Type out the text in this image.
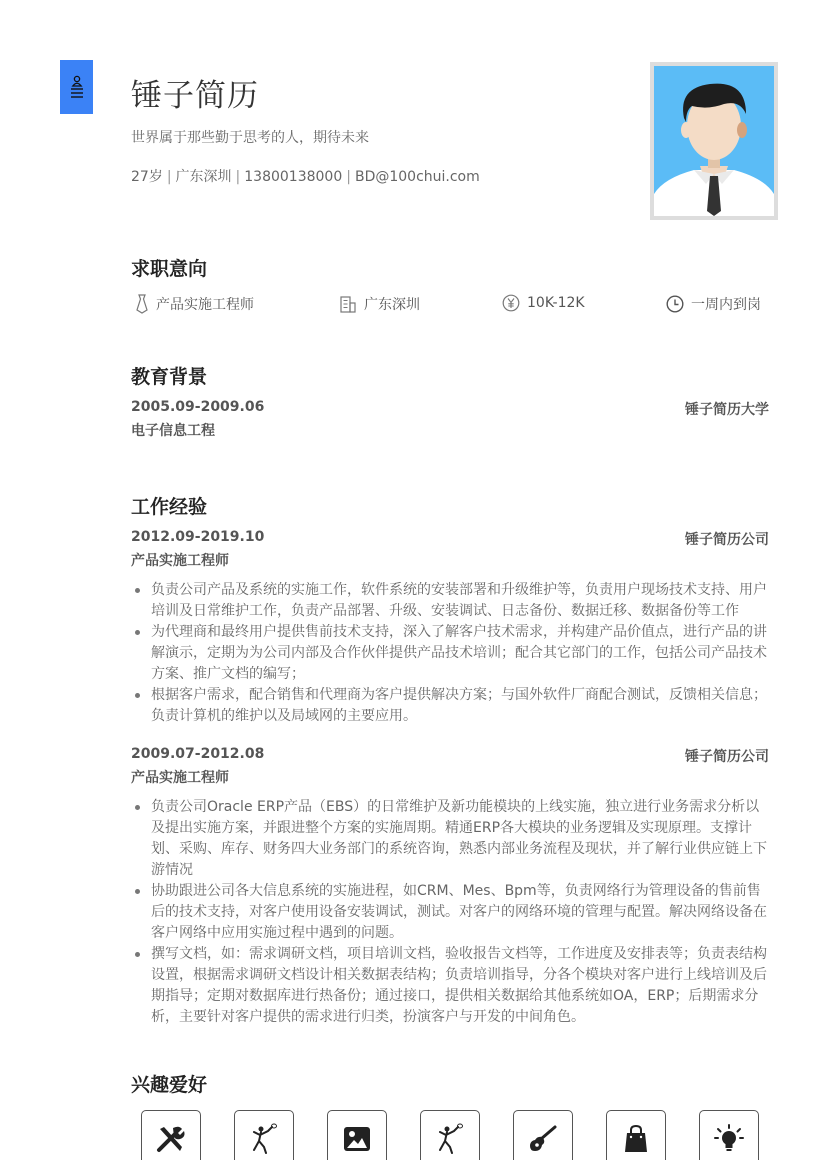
锤子简历
世界属于那些勤于思考的人，期待未来
27岁 | 广东深圳 | 13800138000 | BD@100chui.com
求职意向
产品实施工程师	广东深圳	10K-12K	一周内到岗
教育背景
2005.09-2009.06	锤子简历大学
电子信息工程
工作经验
2012.09-2019.10	锤子简历公司
产品实施工程师
负责公司产品及系统的实施工作，软件系统的安装部署和升级维护等，负责用户现场技术支持、用户培训及日常维护工作，负责产品部署、升级、安装调试、日志备份、数据迁移、数据备份等工作
为代理商和最终用户提供售前技术支持，深入了解客户技术需求，并构建产品价值点，进行产品的讲解演示，定期为为公司内部及合作伙伴提供产品技术培训；配合其它部门的工作，包括公司产品技术方案、推广文档的编写；
根据客户需求，配合销售和代理商为客户提供解决方案；与国外软件厂商配合测试，反馈相关信息；负责计算机的维护以及局域网的主要应用。
2009.07-2012.08	锤子简历公司
产品实施工程师
负责公司Oracle ERP产品（EBS）的日常维护及新功能模块的上线实施，独立进行业务需求分析以及提出实施方案，并跟进整个方案的实施周期。精通ERP各大模块的业务逻辑及实现原理。支撑计划、采购、库存、财务四大业务部门的系统咨询，熟悉内部业务流程及现状，并了解行业供应链上下游情况
协助跟进公司各大信息系统的实施进程，如CRM、Mes、Bpm等，负责网络行为管理设备的售前售后的技术支持，对客户使用设备安装调试，测试。对客户的网络环境的管理与配置。解决网络设备在客户网络中应用实施过程中遇到的问题。
撰写文档，如：需求调研文档，项目培训文档，验收报告文档等，工作进度及安排表等；负责表结构设置，根据需求调研文档设计相关数据表结构；负责培训指导，分各个模块对客户进行上线培训及后期指导；定期对数据库进行热备份；通过接口，提供相关数据给其他系统如OA，ERP；后期需求分析，主要针对客户提供的需求进行归类，扮演客户与开发的中间角色。
兴趣爱好
